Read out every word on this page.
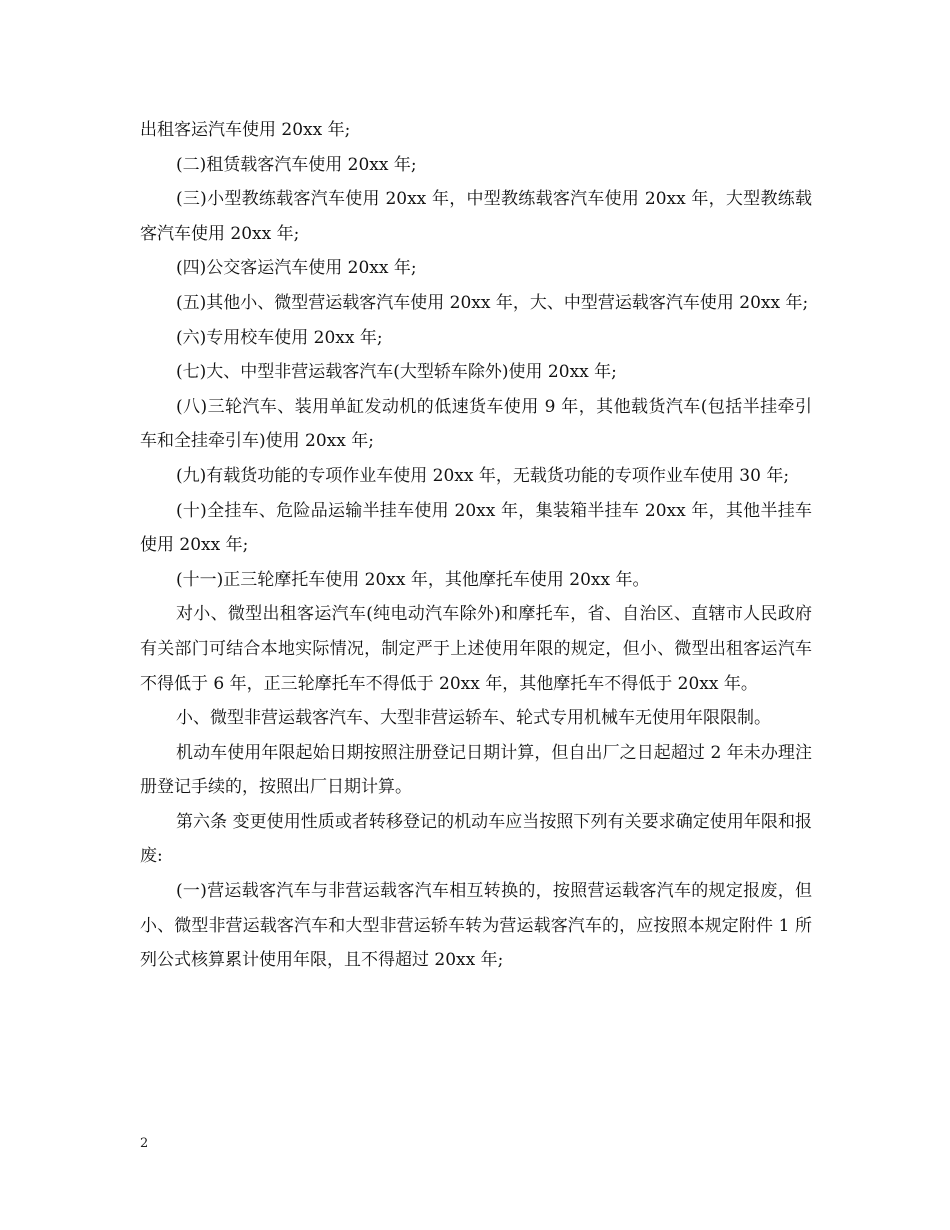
出租客运汽车使用 20xx 年;

(二)租赁载客汽车使用 20xx 年;

(三)小型教练载客汽车使用 20xx 年，中型教练载客汽车使用 20xx 年，大型教练载客汽车使用 20xx 年;

(四)公交客运汽车使用 20xx 年;

(五)其他小、微型营运载客汽车使用 20xx 年，大、中型营运载客汽车使用 20xx 年;

(六)专用校车使用 20xx 年;

(七)大、中型非营运载客汽车(大型轿车除外)使用 20xx 年;

(八)三轮汽车、装用单缸发动机的低速货车使用 9 年，其他载货汽车(包括半挂牵引车和全挂牵引车)使用 20xx 年;

(九)有载货功能的专项作业车使用 20xx 年，无载货功能的专项作业车使用 30 年;

(十)全挂车、危险品运输半挂车使用 20xx 年，集装箱半挂车 20xx 年，其他半挂车使用 20xx 年;

(十一)正三轮摩托车使用 20xx 年，其他摩托车使用 20xx 年。

对小、微型出租客运汽车(纯电动汽车除外)和摩托车，省、自治区、直辖市人民政府有关部门可结合本地实际情况，制定严于上述使用年限的规定，但小、微型出租客运汽车不得低于 6 年，正三轮摩托车不得低于 20xx 年，其他摩托车不得低于 20xx 年。

小、微型非营运载客汽车、大型非营运轿车、轮式专用机械车无使用年限限制。

机动车使用年限起始日期按照注册登记日期计算，但自出厂之日起超过 2 年未办理注册登记手续的，按照出厂日期计算。

第六条 变更使用性质或者转移登记的机动车应当按照下列有关要求确定使用年限和报废:

(一)营运载客汽车与非营运载客汽车相互转换的，按照营运载客汽车的规定报废，但小、微型非营运载客汽车和大型非营运轿车转为营运载客汽车的，应按照本规定附件 1 所列公式核算累计使用年限，且不得超过 20xx 年;

2
